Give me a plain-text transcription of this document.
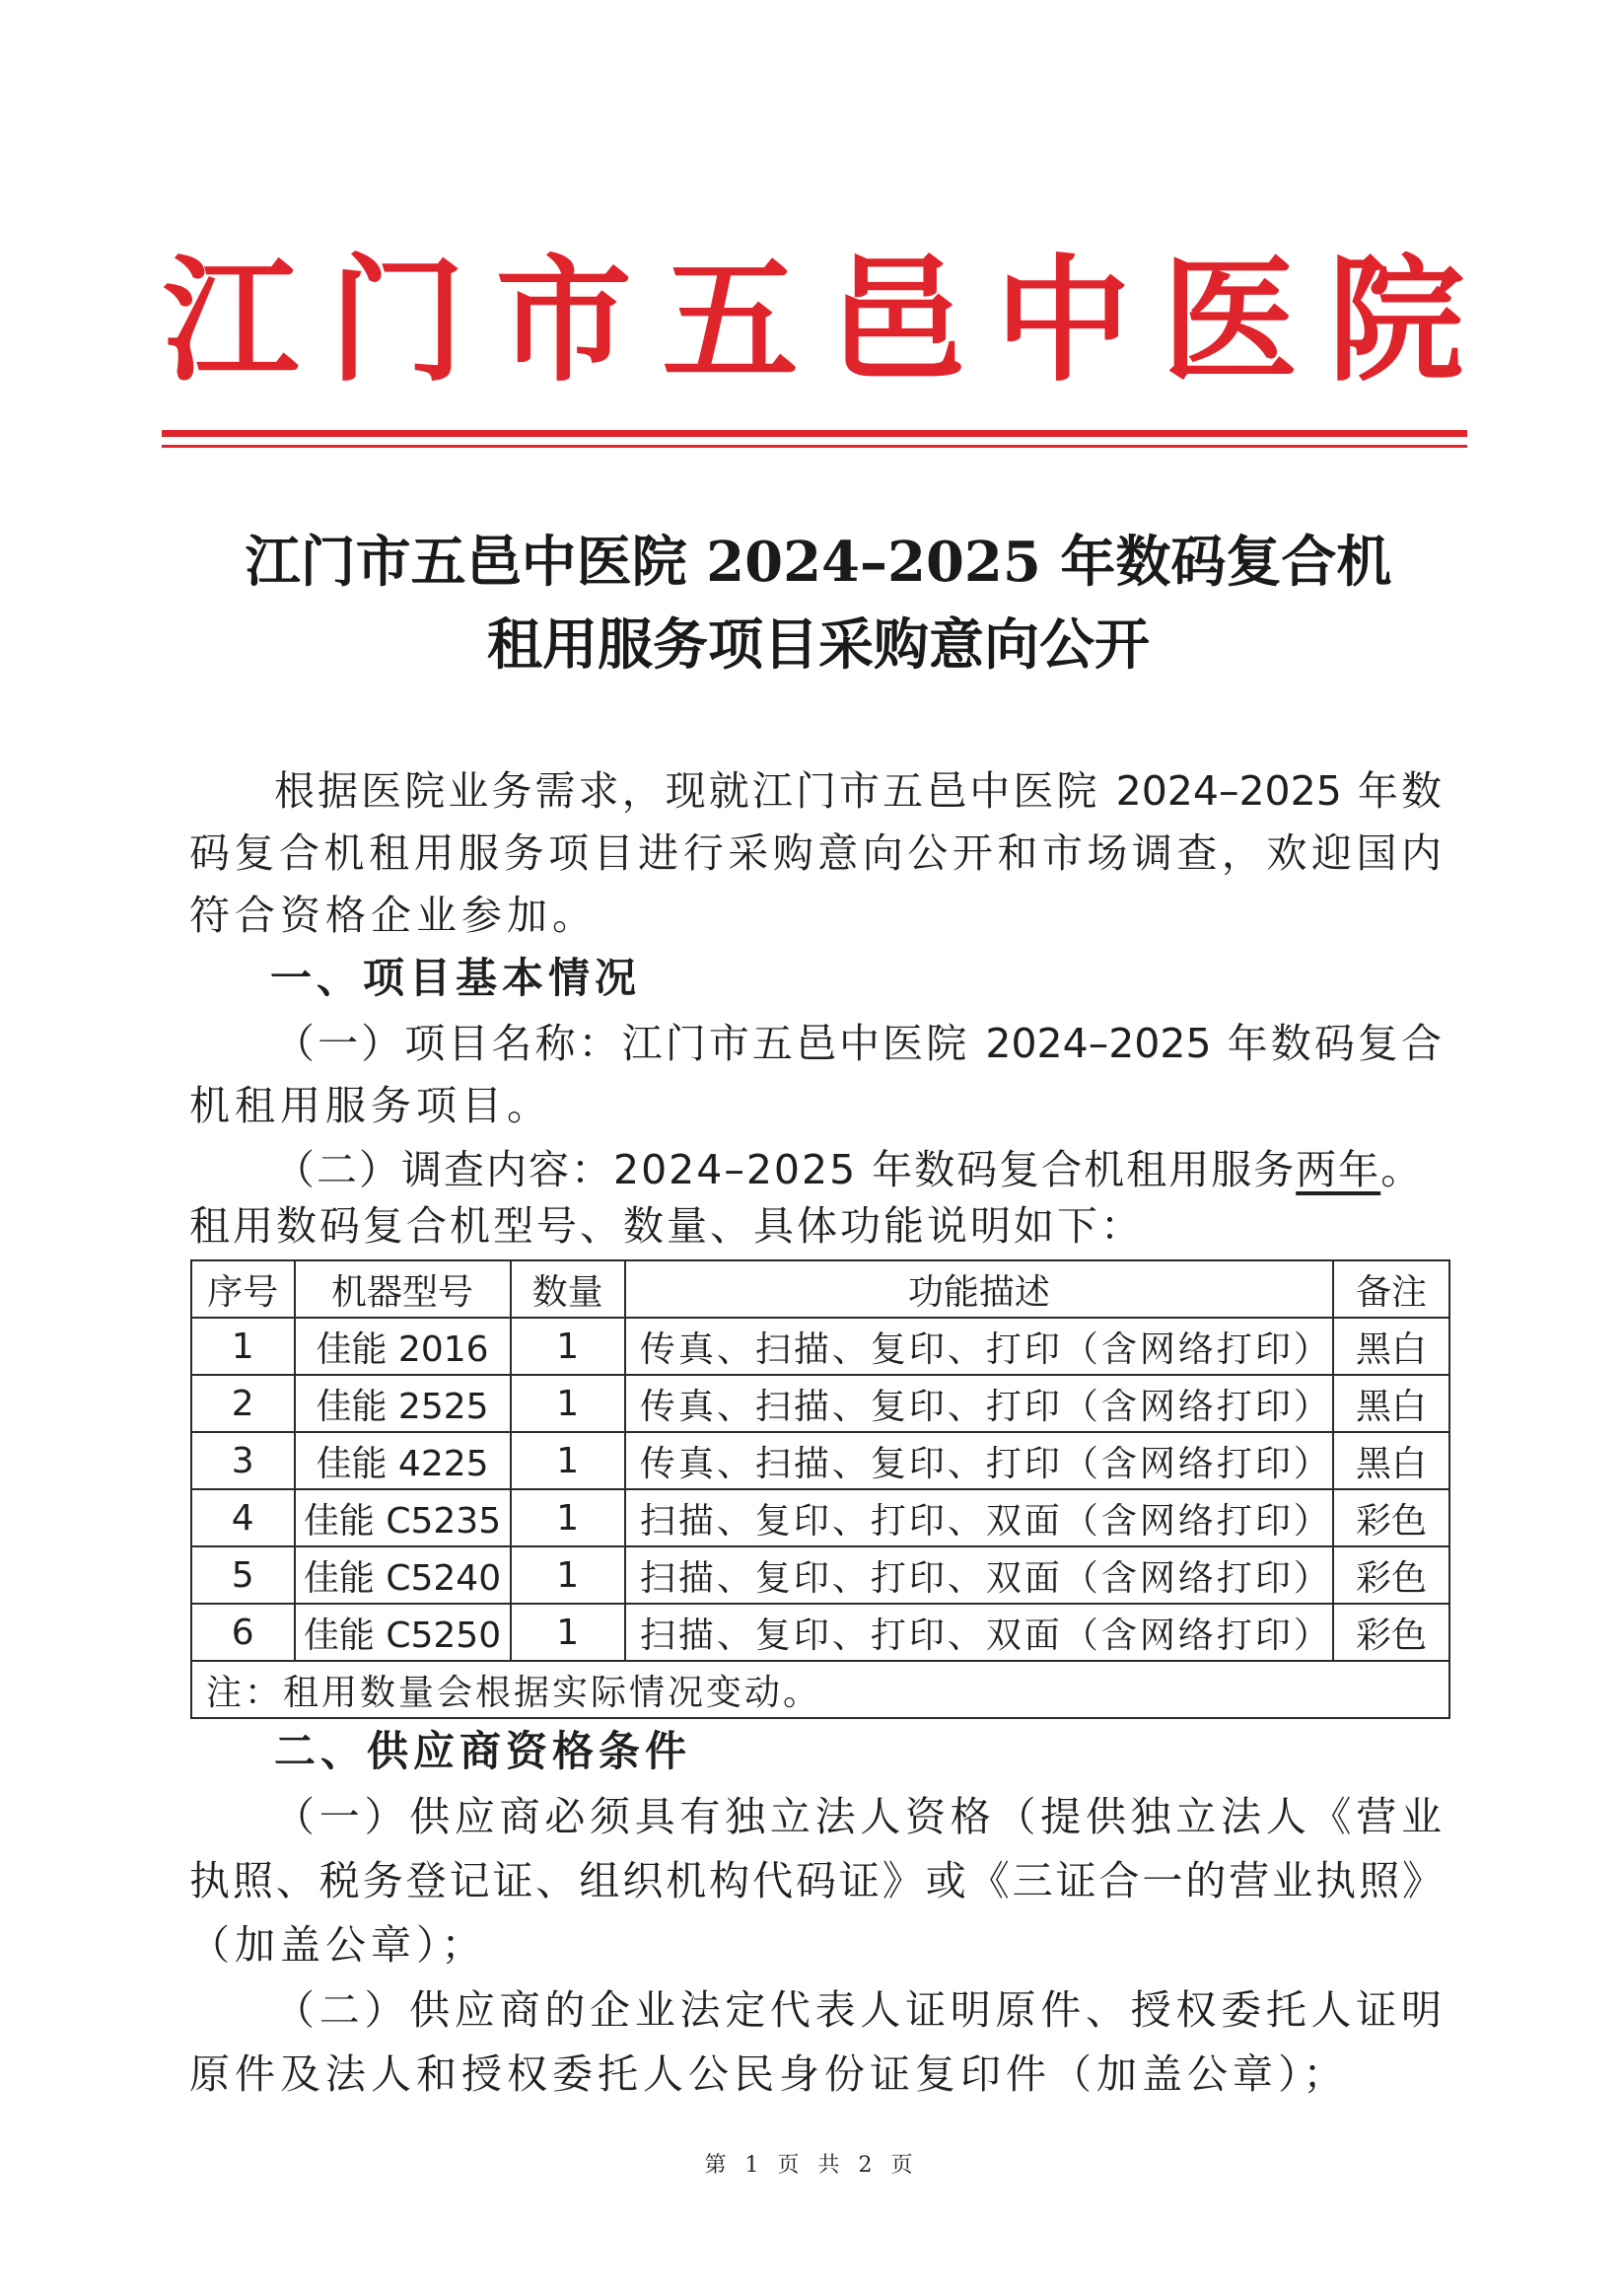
江 门 市 五 邑 中 医 院
江门市五邑中医院 2024–2025 年数码复合机
租用服务项目采购意向公开
根据医院业务需求，现就江门市五邑中医院 2024–2025 年数
码复合机租用服务项目进行采购意向公开和市场调查，欢迎国内
符合资格企业参加。
一、项目基本情况
（一）项目名称：江门市五邑中医院 2024–2025 年数码复合
机租用服务项目。
（二）调查内容：2024–2025 年数码复合机租用服务两年。
租用数码复合机型号、数量、具体功能说明如下：
序号	机器型号	数量	功能描述	备注
1	佳能 2016	1	传真、扫描、复印、打印（含网络打印）	黑白
2	佳能 2525	1	传真、扫描、复印、打印（含网络打印）	黑白
3	佳能 4225	1	传真、扫描、复印、打印（含网络打印）	黑白
4	佳能 C5235	1	扫描、复印、打印、双面（含网络打印）	彩色
5	佳能 C5240	1	扫描、复印、打印、双面（含网络打印）	彩色
6	佳能 C5250	1	扫描、复印、打印、双面（含网络打印）	彩色
注：租用数量会根据实际情况变动。				
二、供应商资格条件
（一）供应商必须具有独立法人资格（提供独立法人《营业
执照、税务登记证、组织机构代码证》或《三证合一的营业执照》
（加盖公章）；
（二）供应商的企业法定代表人证明原件、授权委托人证明
原件及法人和授权委托人公民身份证复印件（加盖公章）；
第 1 页 共 2 页
